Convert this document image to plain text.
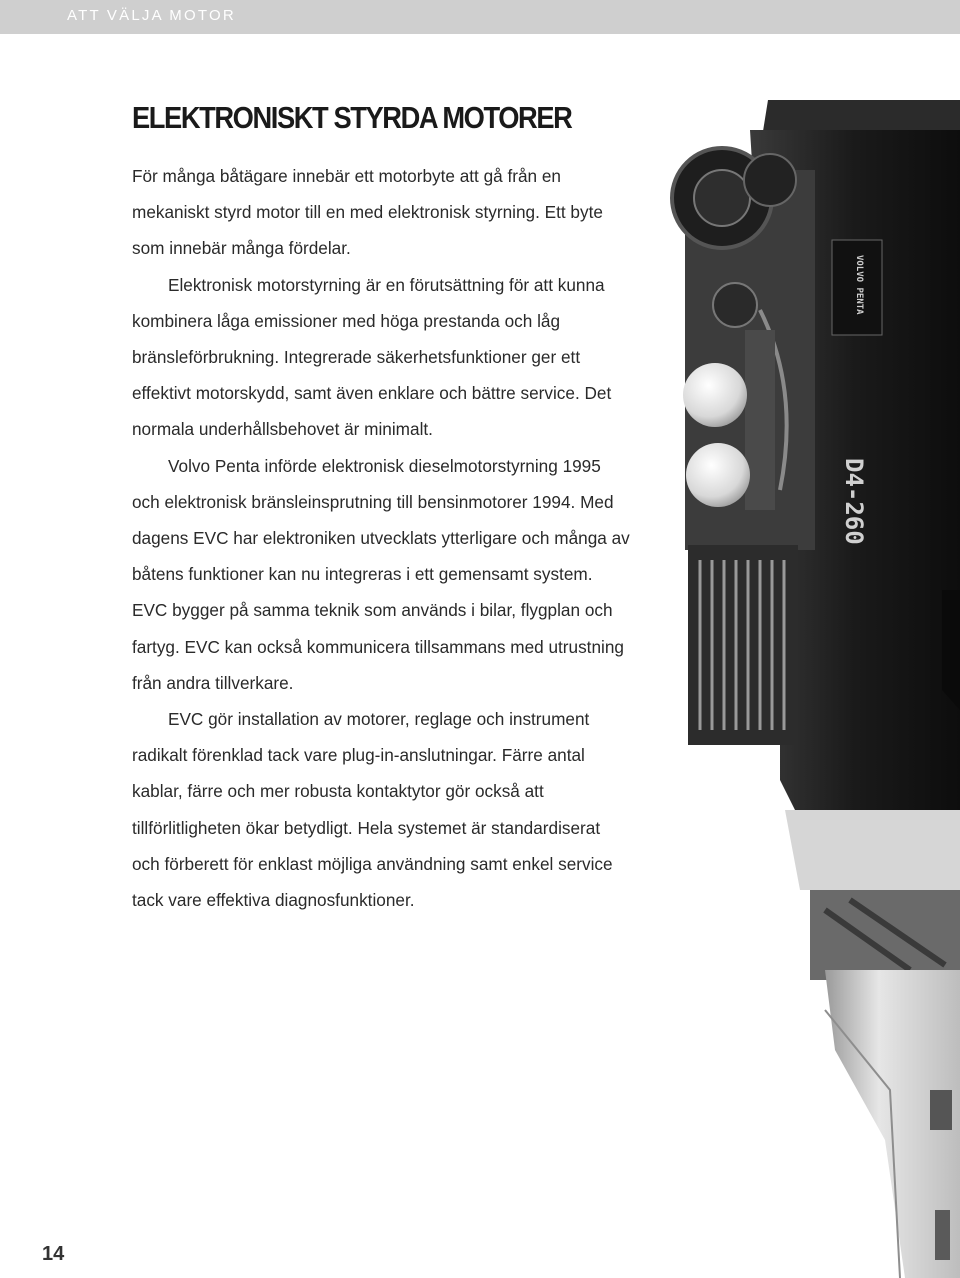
ATT VÄLJA MOTOR
ELEKTRONISKT STYRDA MOTORER

För många båtägare innebär ett motorbyte att gå från en mekaniskt styrd motor till en med elektronisk styrning. Ett byte som innebär många fördelar.

Elektronisk motorstyrning är en förutsättning för att kunna kombinera låga emissioner med höga prestanda och låg bränsleförbrukning. Integrerade säkerhetsfunktioner ger ett effektivt motorskydd, samt även enklare och bättre service. Det normala underhållsbehovet är minimalt.

Volvo Penta införde elektronisk dieselmotorstyrning 1995 och elektronisk bränsleinsprutning till bensinmotorer 1994. Med dagens EVC har elektroniken utvecklats ytterligare och många av båtens funktioner kan nu integreras i ett gemensamt system. EVC bygger på samma teknik som används i bilar, flygplan och fartyg. EVC kan också kommunicera tillsammans med utrustning från andra tillverkare.

EVC gör installation av motorer, reglage och instrument radikalt förenklad tack vare plug-in-anslutningar. Färre antal kablar, färre och mer robusta kontaktytor gör också att tillförlitligheten ökar betydligt. Hela systemet är standardiserat och förberett för enklast möjliga användning samt enkel service tack vare effektiva diagnosfunktioner.

VOLVO PENTA
D4-260
14
